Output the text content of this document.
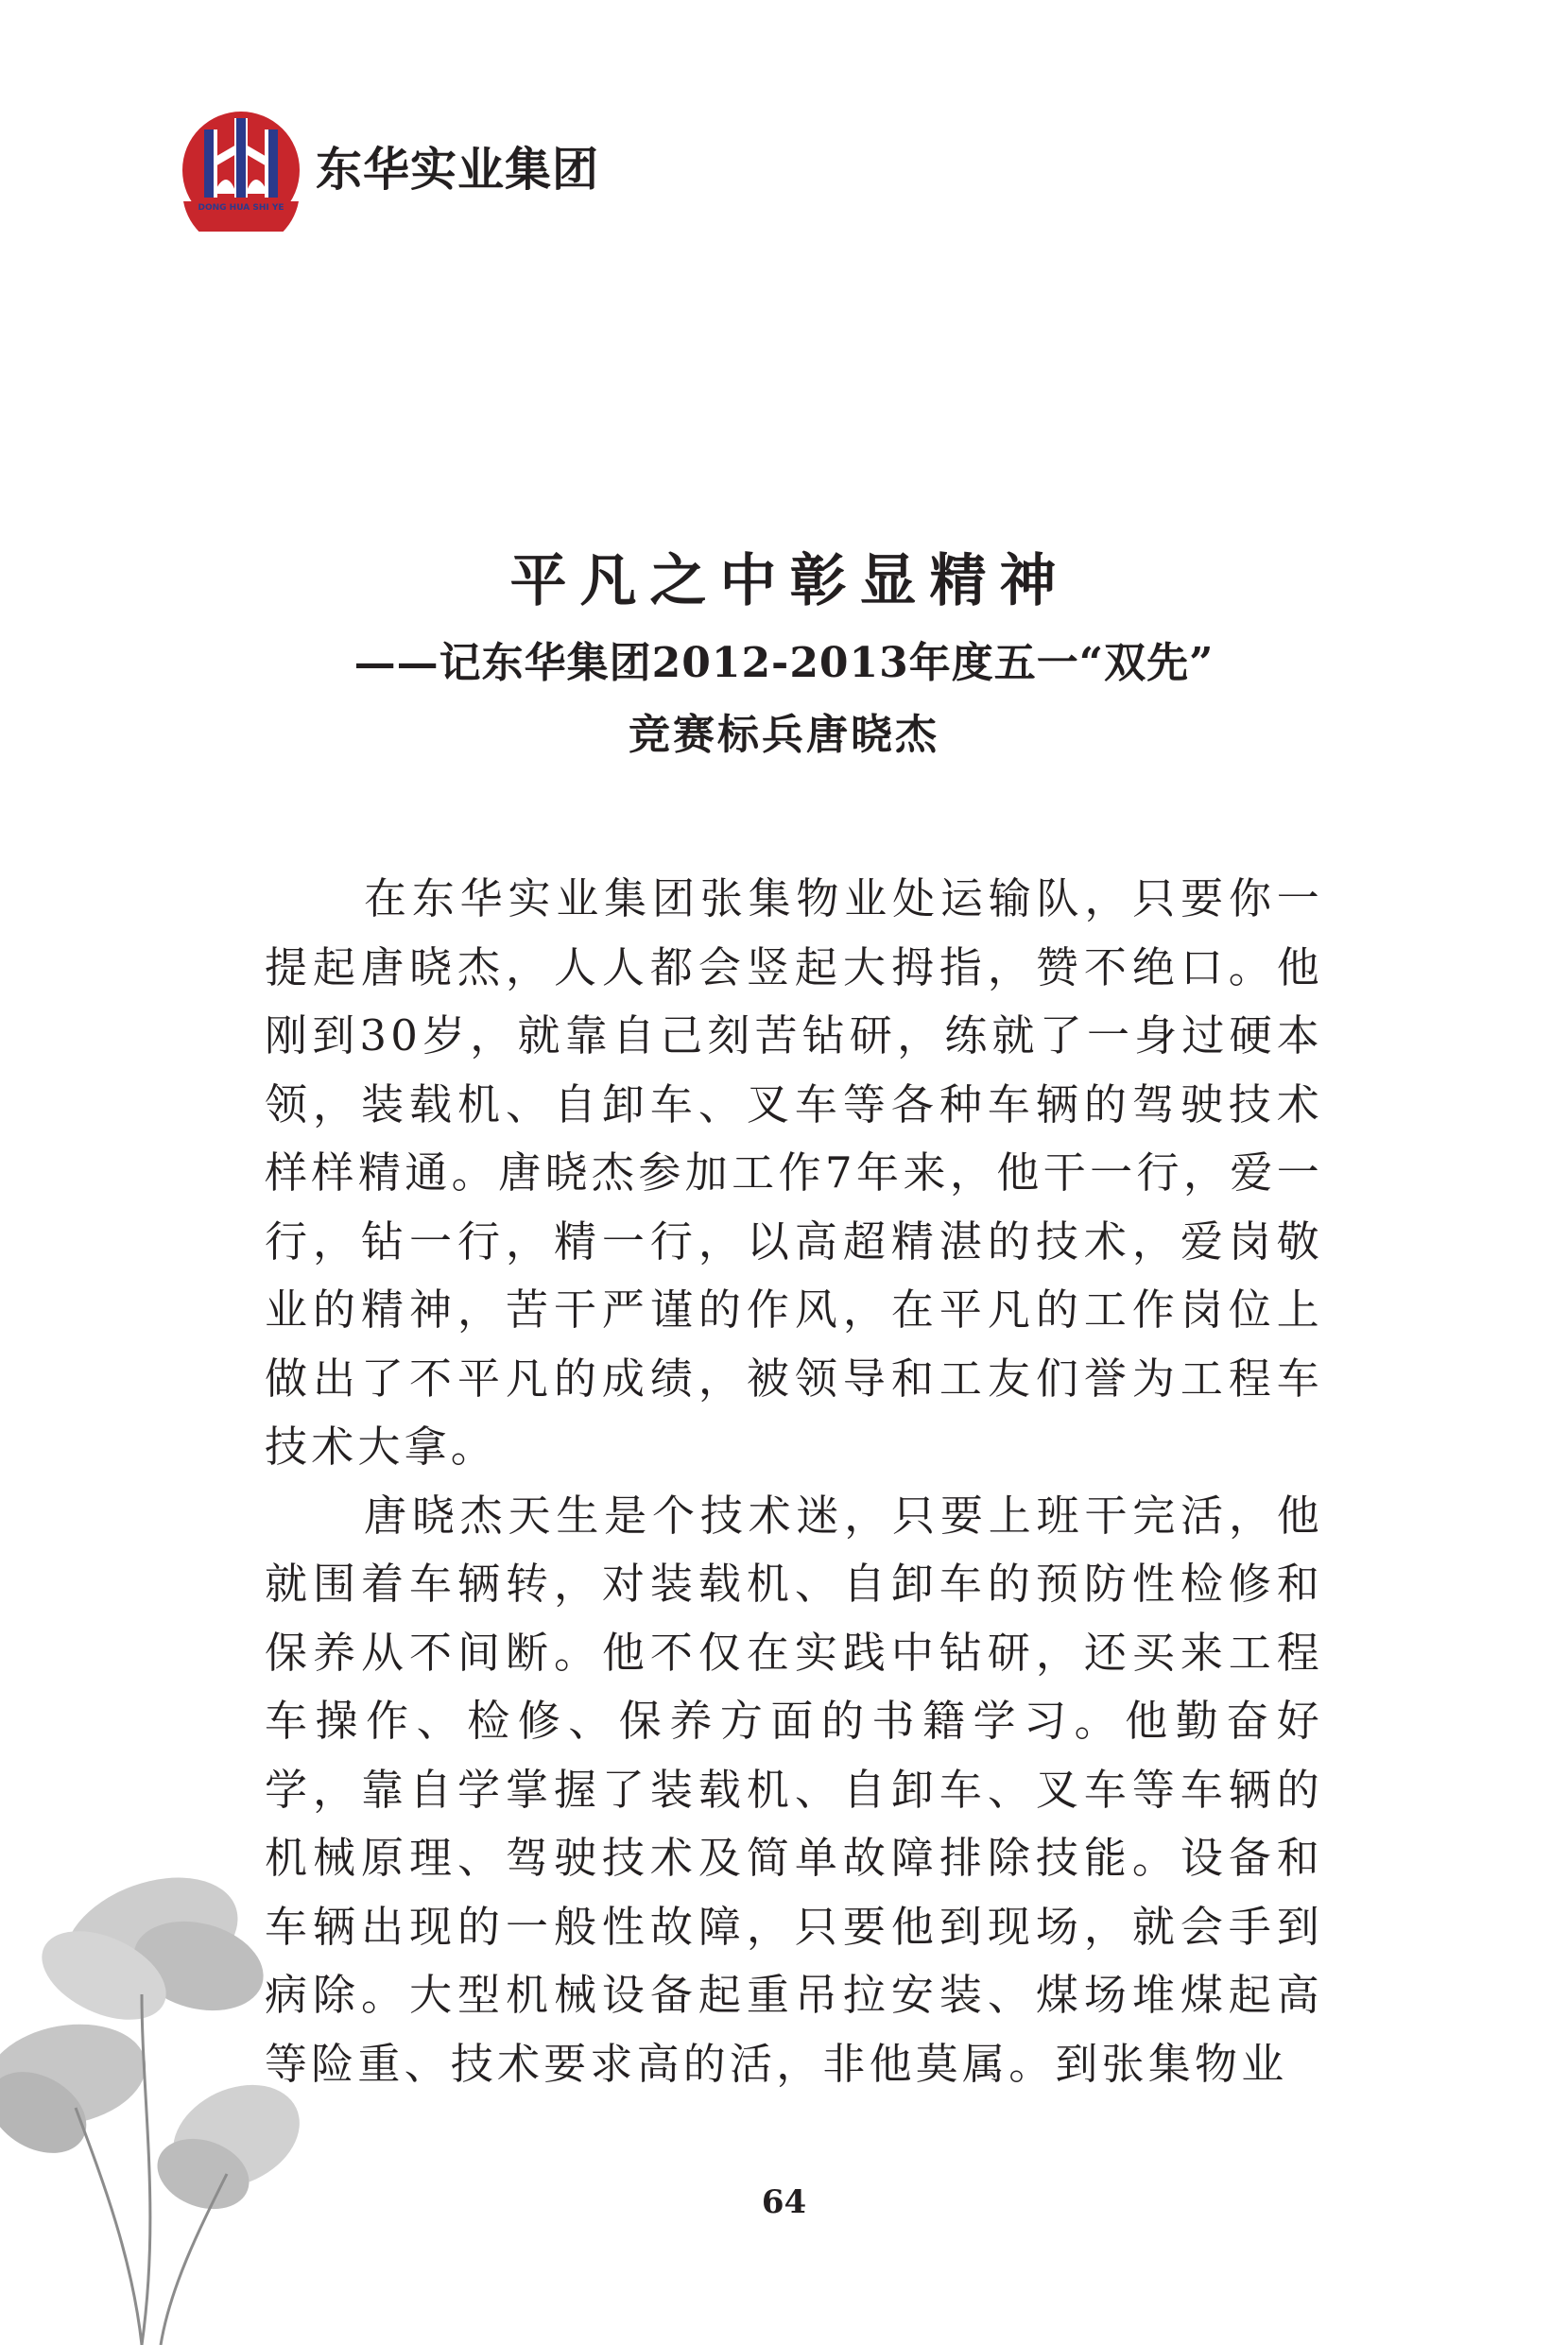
DONG HUA SHI YE
东华实业集团
平凡之中彰显精神
——记东华集团2012-2013年度五一“双先”
竞赛标兵唐晓杰

在东华实业集团张集物业处运输队，只要你一提起唐晓杰，人人都会竖起大拇指，赞不绝口。他刚到30岁，就靠自己刻苦钻研，练就了一身过硬本领，装载机、自卸车、叉车等各种车辆的驾驶技术样样精通。唐晓杰参加工作7年来，他干一行，爱一行，钻一行，精一行，以高超精湛的技术，爱岗敬业的精神，苦干严谨的作风，在平凡的工作岗位上做出了不平凡的成绩，被领导和工友们誉为工程车技术大拿。

唐晓杰天生是个技术迷，只要上班干完活，他就围着车辆转，对装载机、自卸车的预防性检修和保养从不间断。他不仅在实践中钻研，还买来工程车操作、检修、保养方面的书籍学习。他勤奋好学，靠自学掌握了装载机、自卸车、叉车等车辆的机械原理、驾驶技术及简单故障排除技能。设备和车辆出现的一般性故障，只要他到现场，就会手到病除。大型机械设备起重吊拉安装、煤场堆煤起高等险重、技术要求高的活，非他莫属。到张集物业

64
